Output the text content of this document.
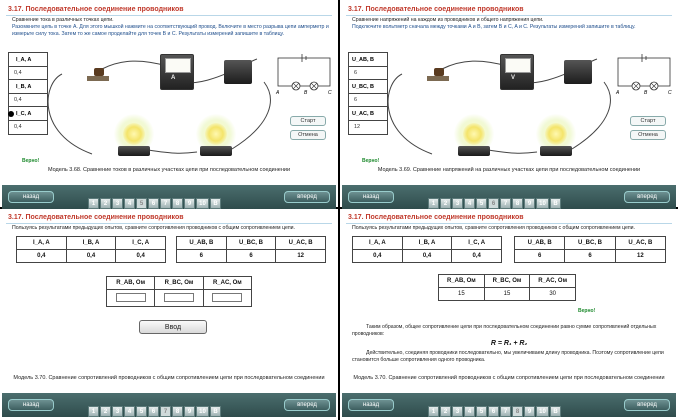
3.17. Последовательное соединение проводников
Сравнение тока в различных точках цепи.
Разомкните цепь в точке A. Для этого мышкой нажмите на соответствующий провод. Включите в место разрыва цепи амперметр и измерьте силу тока. Затем то же самое проделайте для точек B и C. Результаты измерений запишите в таблицу.
I_A, A
0,4
I_B, A
0,4
I_C, A
0,4
A
A	B	C
Старт
Отмена
Верно!
Модель 3.68. Сравнение токов в различных участках цепи при последовательном соединении
назад
1 2 3 4 5 6 7 8 9 10 B
вперед
3.17. Последовательное соединение проводников
Сравнение напряжений на каждом из проводников и общего напряжения цепи.
Подключите вольтметр сначала между точками A и B, затем B и C, A и C. Результаты измерений запишите в таблицу.
U_AB, B
6
U_BC, B
6
U_AC, B
12
V
A	B	C
Старт
Отмена
Верно!
Модель 3.69. Сравнение напряжений на различных участках цепи при последовательном соединении
назад
1 2 3 4 5 6 7 8 9 10 B
вперед
3.17. Последовательное соединение проводников
Пользуясь результатами предыдущих опытов, сравните сопротивления проводников с общим сопротивлением цепи.
I_A, A	I_B, A	I_C, A
0,4	0,4	0,4
U_AB, B	U_BC, B	U_AC, B
6	6	12
R_AB, Ом	R_BC, Ом	R_AC, Ом

Ввод
Модель 3.70. Сравнение сопротивлений проводников с общим сопротивлением цепи при последовательном соединении
назад
1 2 3 4 5 6 7 8 9 10 B
вперед
3.17. Последовательное соединение проводников
Пользуясь результатами предыдущих опытов, сравните сопротивления проводников с общим сопротивлением цепи.
I_A, A	I_B, A	I_C, A
0,4	0,4	0,4
U_AB, B	U_BC, B	U_AC, B
6	6	12
R_AB, Ом	R_BC, Ом	R_AC, Ом
15	15	30
Верно!
Таким образом, общее сопротивление цепи при последовательном соединении равно сумме сопротивлений отдельных проводников:
R = R₁ + R₂
Действительно, соединяя проводники последовательно, мы увеличиваем длину проводника. Поэтому сопротивление цепи становится больше сопротивления одного проводника.
Модель 3.70. Сравнение сопротивлений проводников с общим сопротивлением цепи при последовательном соединении
назад
1 2 3 4 5 6 7 8 9 10 B
вперед
